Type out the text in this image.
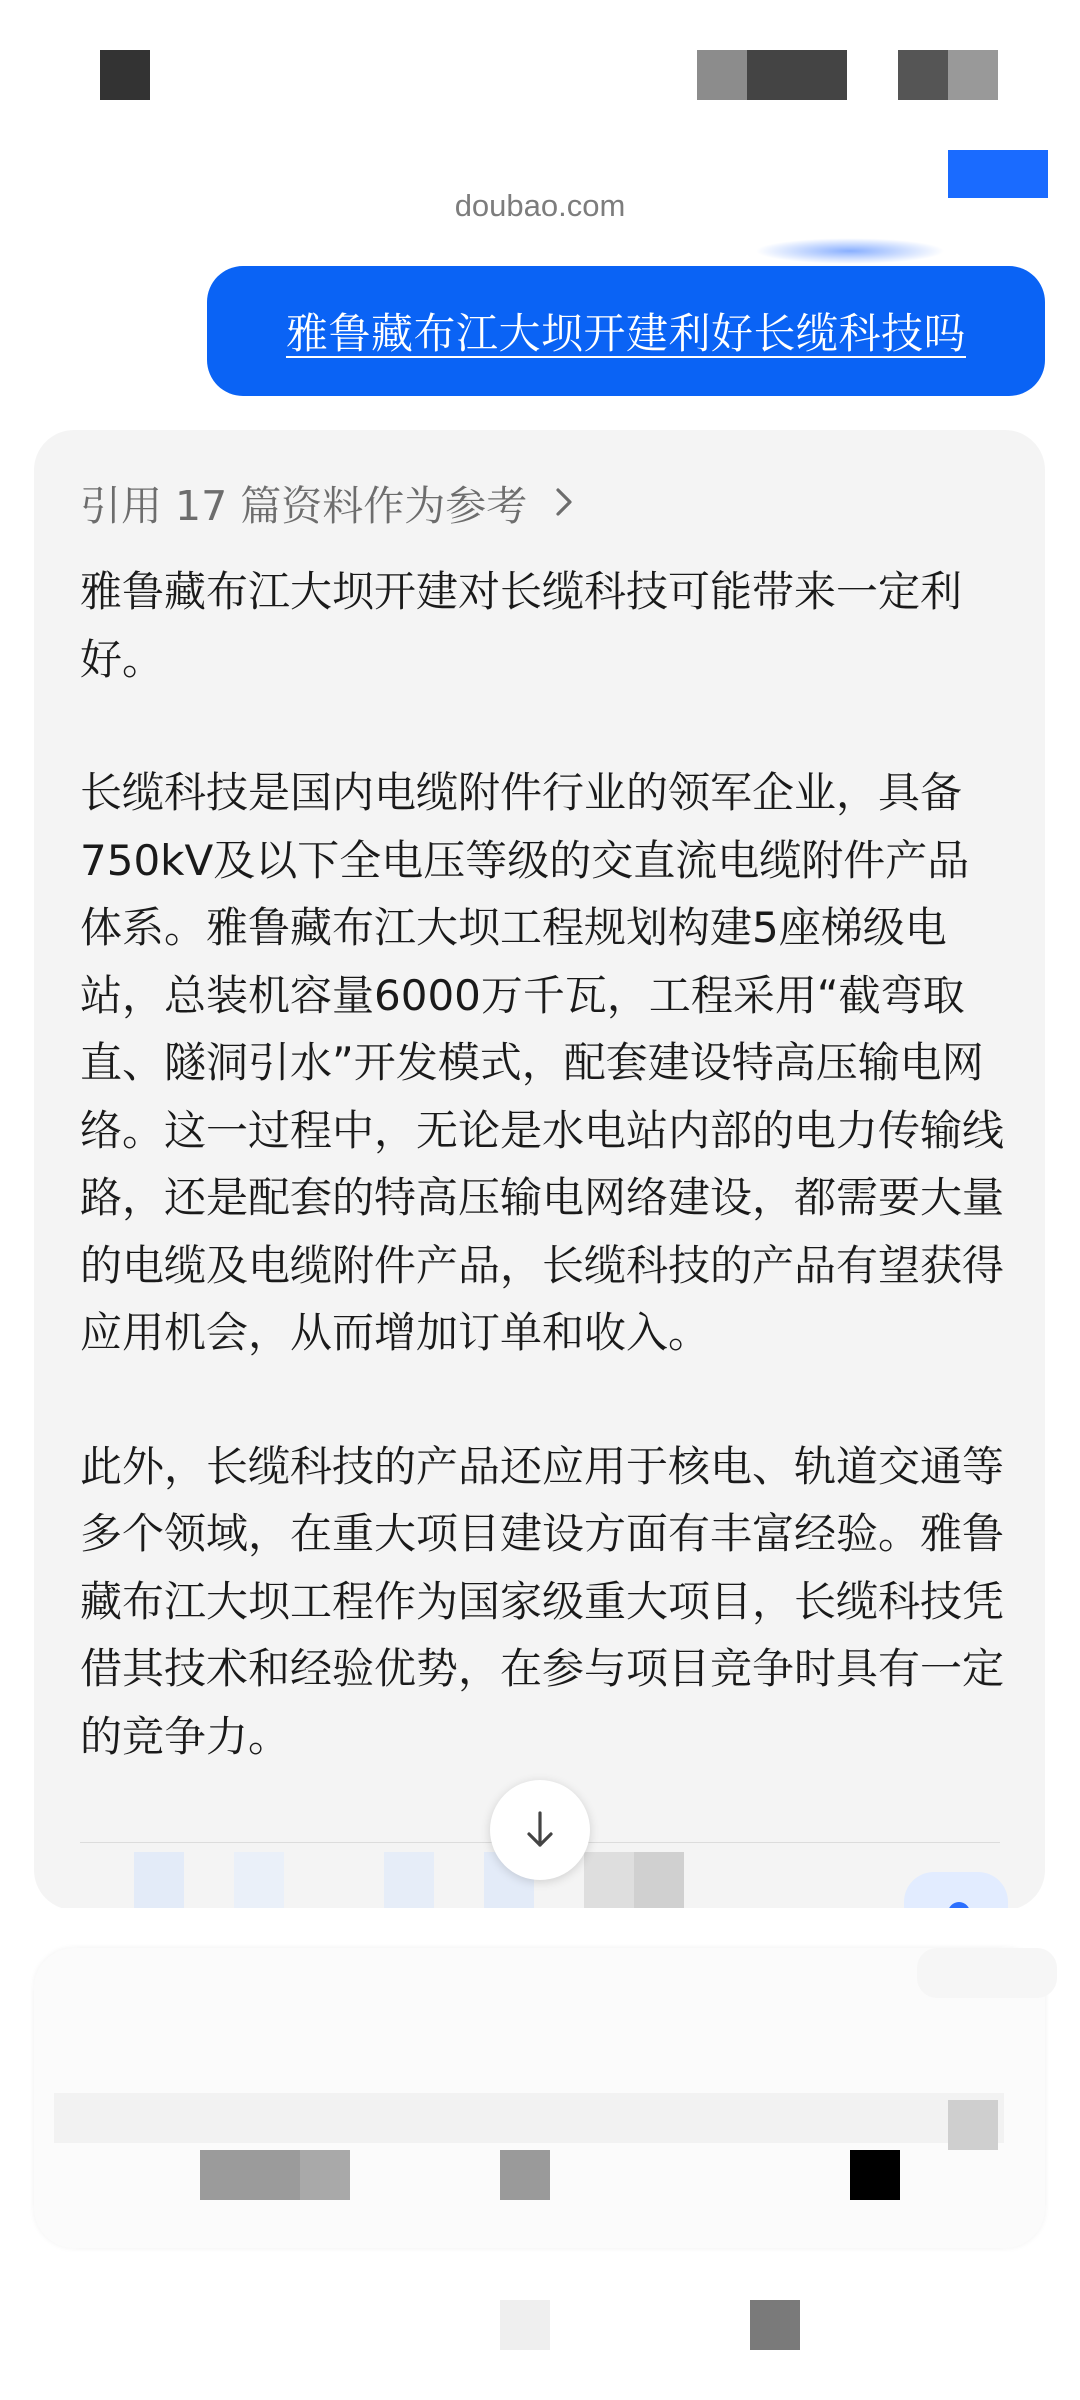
doubao.com
雅鲁藏布江大坝开建利好长缆科技吗
引用 17 篇资料作为参考

雅鲁藏布江大坝开建对长缆科技可能带来一定利好。

长缆科技是国内电缆附件行业的领军企业，具备750kV及以下全电压等级的交直流电缆附件产品体系。雅鲁藏布江大坝工程规划构建5座梯级电站，总装机容量6000万千瓦，工程采用“截弯取直、隧洞引水”开发模式，配套建设特高压输电网络。这一过程中，无论是水电站内部的电力传输线路，还是配套的特高压输电网络建设，都需要大量的电缆及电缆附件产品，长缆科技的产品有望获得应用机会，从而增加订单和收入。

此外，长缆科技的产品还应用于核电、轨道交通等多个领域，在重大项目建设方面有丰富经验。雅鲁藏布江大坝工程作为国家级重大项目，长缆科技凭借其技术和经验优势，在参与项目竞争时具有一定的竞争力。
